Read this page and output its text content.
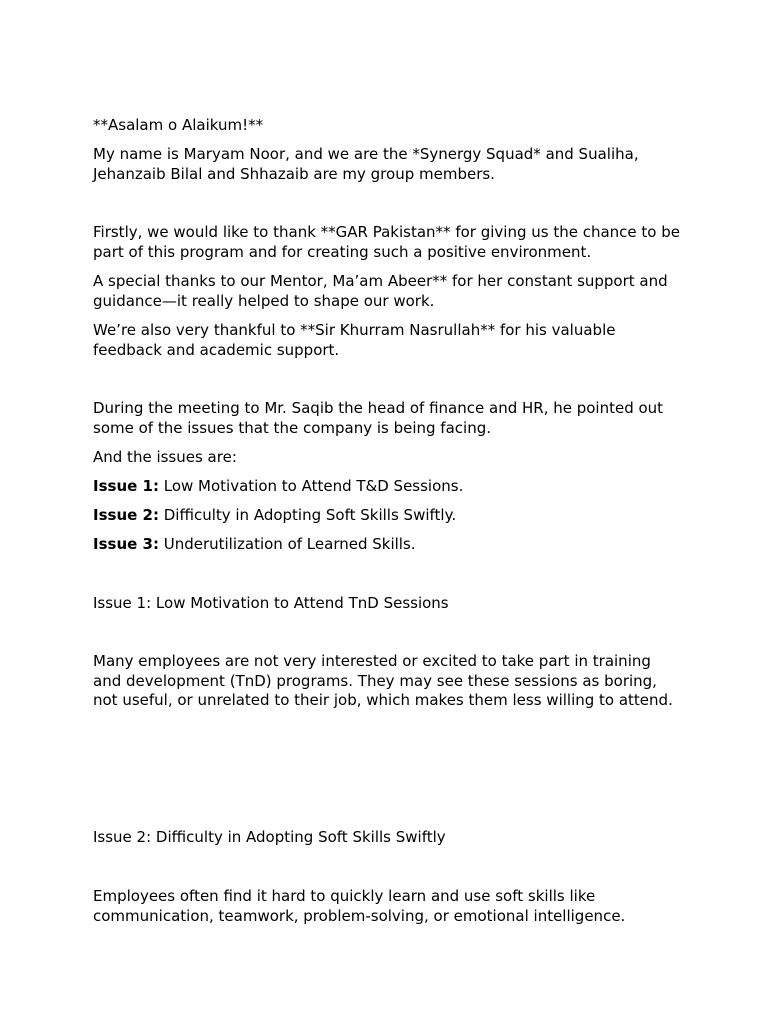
**Asalam o Alaikum!**

My name is Maryam Noor, and we are the *Synergy Squad* and Sualiha, Jehanzaib Bilal and Shhazaib are my group members.

Firstly, we would like to thank **GAR Pakistan** for giving us the chance to be part of this program and for creating such a positive environment.

A special thanks to our Mentor, Ma’am Abeer** for her constant support and guidance—it really helped to shape our work.

We’re also very thankful to **Sir Khurram Nasrullah** for his valuable feedback and academic support.

During the meeting to Mr. Saqib the head of finance and HR, he pointed out some of the issues that the company is being facing.

And the issues are:

Issue 1: Low Motivation to Attend T&D Sessions.

Issue 2: Difficulty in Adopting Soft Skills Swiftly.

Issue 3: Underutilization of Learned Skills.

Issue 1: Low Motivation to Attend TnD Sessions

Many employees are not very interested or excited to take part in training and development (TnD) programs. They may see these sessions as boring, not useful, or unrelated to their job, which makes them less willing to attend.

Issue 2: Difficulty in Adopting Soft Skills Swiftly

Employees often find it hard to quickly learn and use soft skills like communication, teamwork, problem-solving, or emotional intelligence.
